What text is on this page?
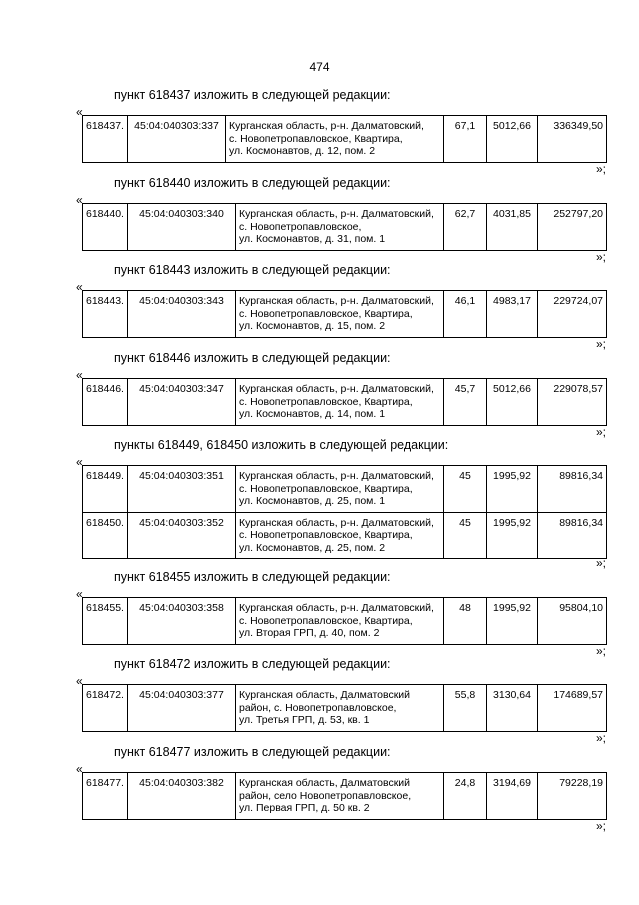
474
пункт 618437 изложить в следующей редакции:
«
618437.	45:04:040303:337	Курганская область, р-н. Далматовский,
с. Новопетропавловское, Квартира,
ул. Космонавтов, д. 12, пом. 2
	67,1	5012,66	336349,50
»;
пункт 618440 изложить в следующей редакции:
«
618440.	45:04:040303:340	Курганская область, р-н. Далматовский,
с. Новопетропавловское,
ул. Космонавтов, д. 31, пом. 1
	62,7	4031,85	252797,20
»;
пункт 618443 изложить в следующей редакции:
«
618443.	45:04:040303:343	Курганская область, р-н. Далматовский,
с. Новопетропавловское, Квартира,
ул. Космонавтов, д. 15, пом. 2
	46,1	4983,17	229724,07
»;
пункт 618446 изложить в следующей редакции:
«
618446.	45:04:040303:347	Курганская область, р-н. Далматовский,
с. Новопетропавловское, Квартира,
ул. Космонавтов, д. 14, пом. 1
	45,7	5012,66	229078,57
»;
пункты 618449, 618450 изложить в следующей редакции:
«
618449.	45:04:040303:351	Курганская область, р-н. Далматовский,
с. Новопетропавловское, Квартира,
ул. Космонавтов, д. 25, пом. 1	45	1995,92	89816,34
618450.	45:04:040303:352	Курганская область, р-н. Далматовский,
с. Новопетропавловское, Квартира,
ул. Космонавтов, д. 25, пом. 2	45	1995,92	89816,34
»;
пункт 618455 изложить в следующей редакции:
«
618455.	45:04:040303:358	Курганская область, р-н. Далматовский,
с. Новопетропавловское, Квартира,
ул. Вторая ГРП, д. 40, пом. 2
	48	1995,92	95804,10
»;
пункт 618472 изложить в следующей редакции:
«
618472.	45:04:040303:377	Курганская область, Далматовский
район, с. Новопетропавловское,
ул. Третья ГРП, д. 53, кв. 1
	55,8	3130,64	174689,57
»;
пункт 618477 изложить в следующей редакции:
«
618477.	45:04:040303:382	Курганская область, Далматовский
район, село Новопетропавловское,
ул. Первая ГРП, д. 50 кв. 2
	24,8	3194,69	79228,19
»;
